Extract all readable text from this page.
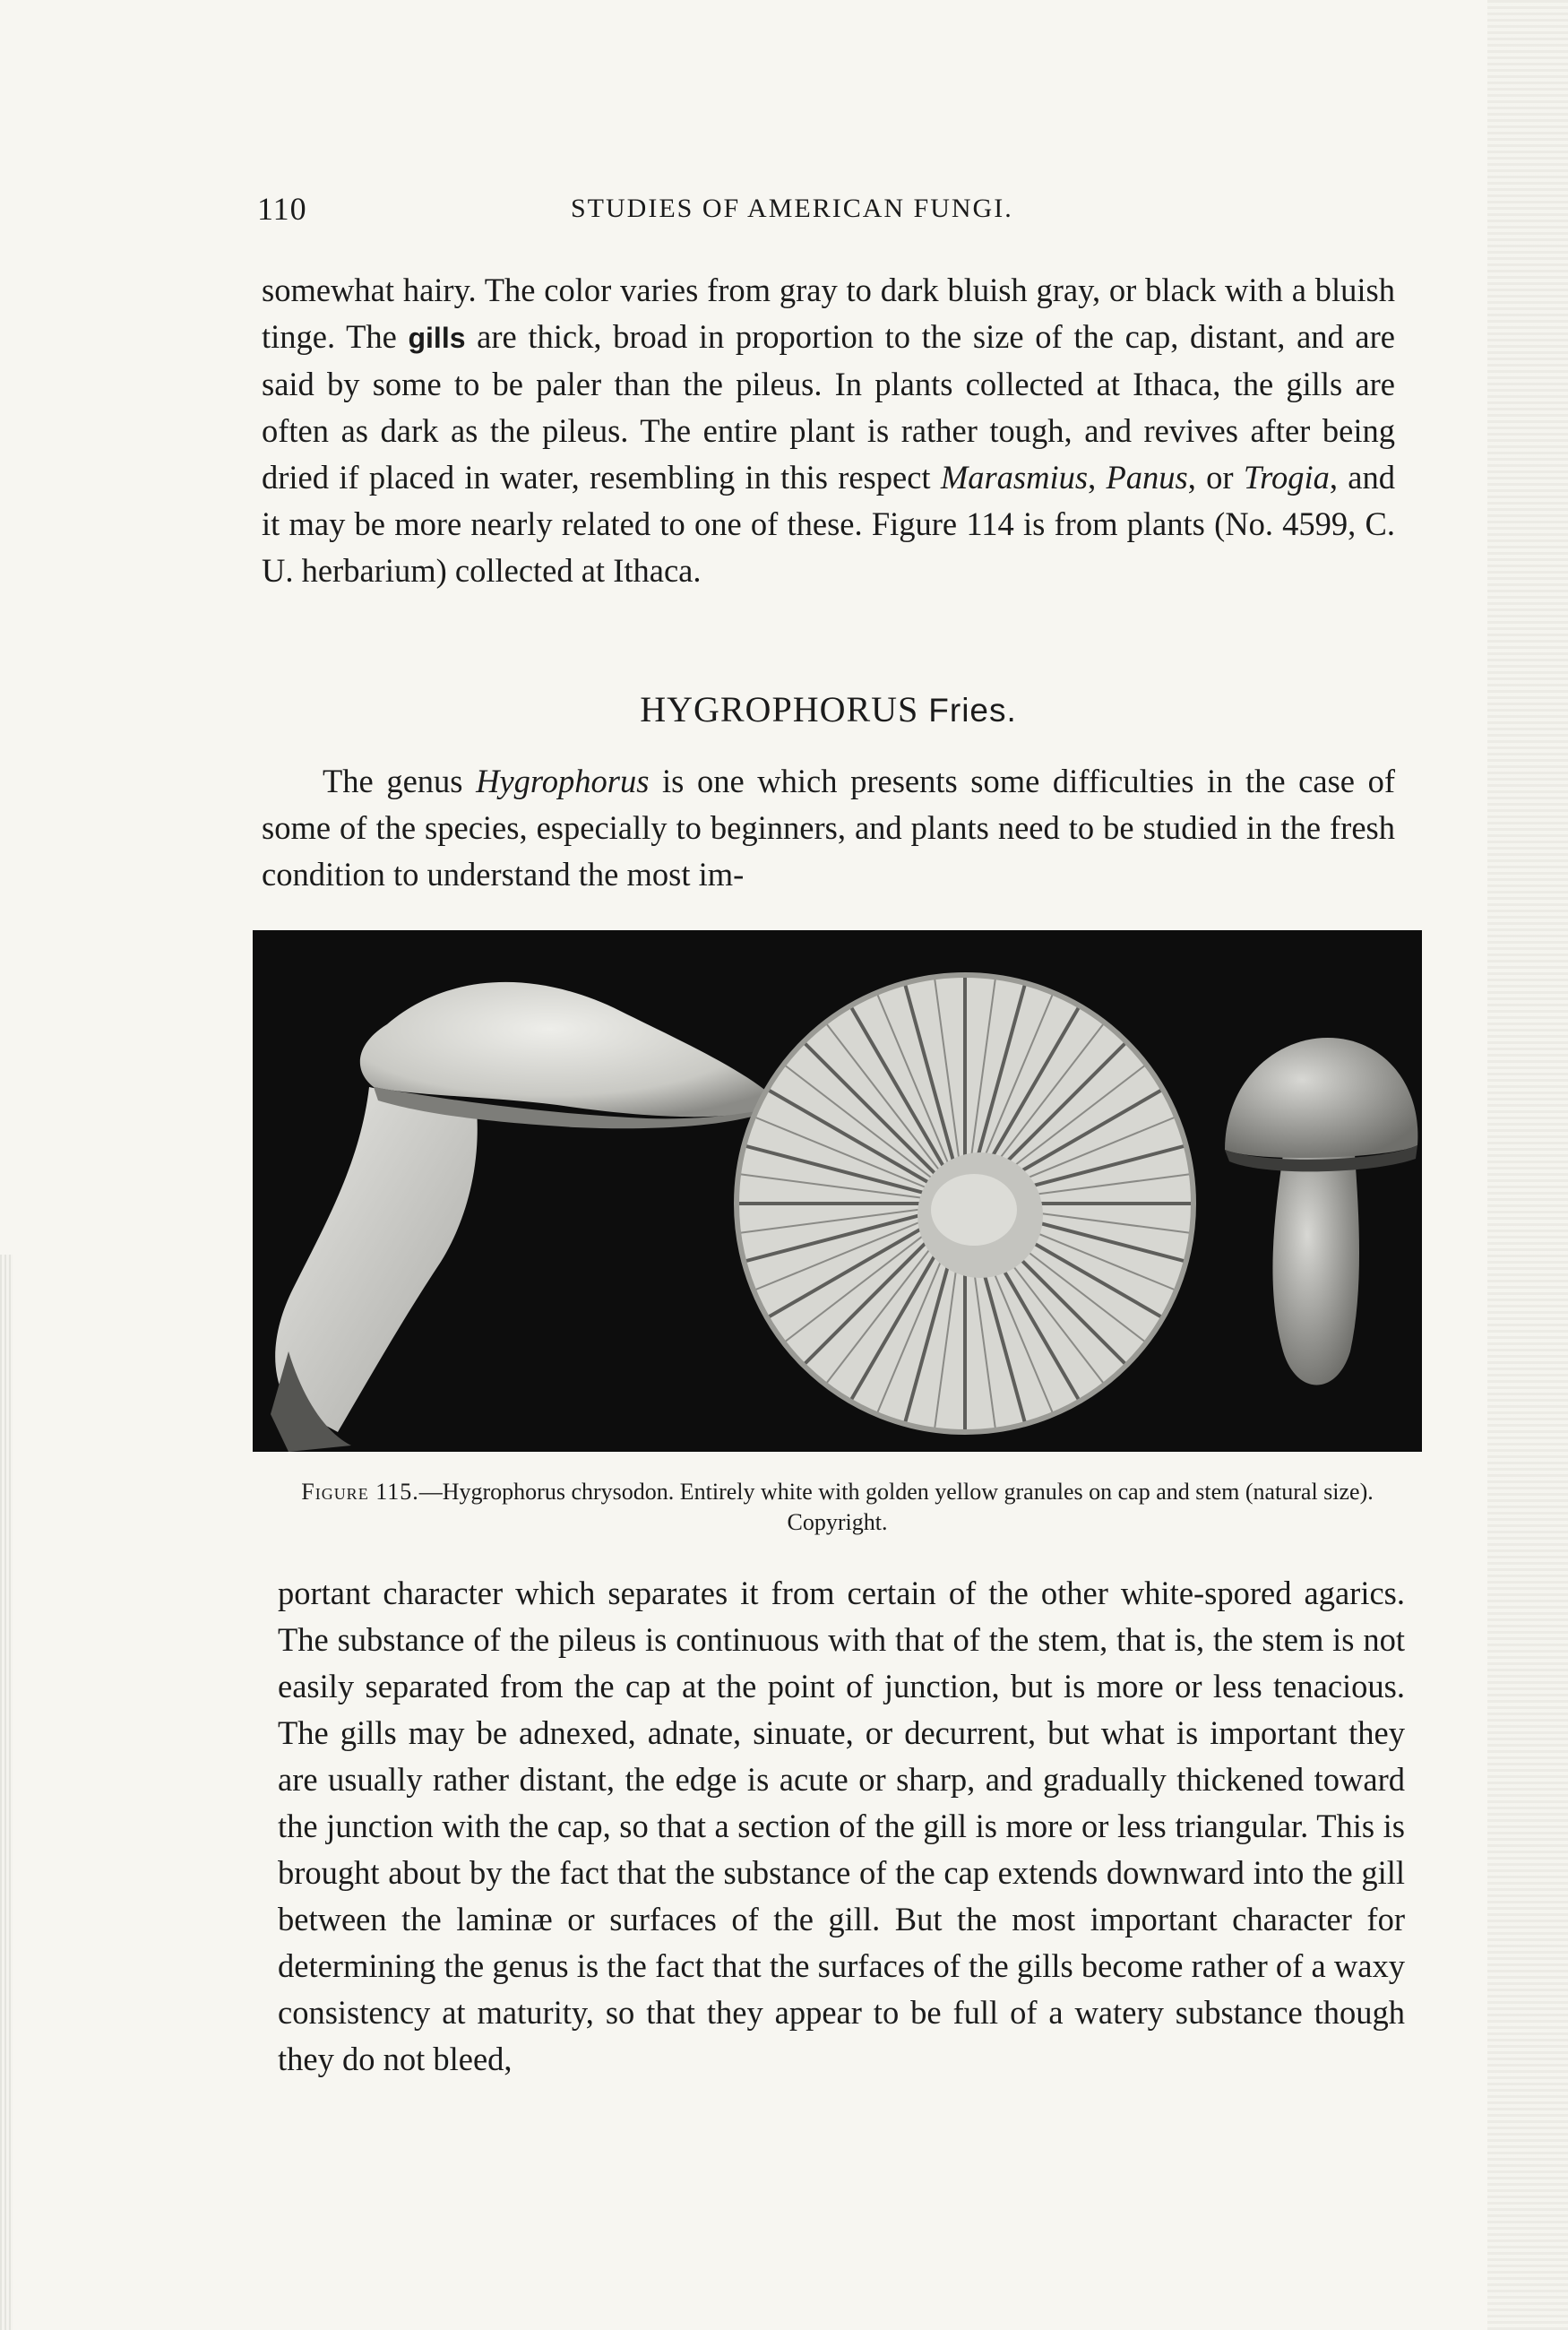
110	STUDIES OF AMERICAN FUNGI.

somewhat hairy. The color varies from gray to dark bluish gray, or black with a bluish tinge. The gills are thick, broad in proportion to the size of the cap, distant, and are said by some to be paler than the pileus. In plants collected at Ithaca, the gills are often as dark as the pileus. The entire plant is rather tough, and revives after being dried if placed in water, resembling in this respect Marasmius, Panus, or Trogia, and it may be more nearly related to one of these. Figure 114 is from plants (No. 4599, C. U. herbarium) collected at Ithaca.

HYGROPHORUS Fries.

The genus Hygrophorus is one which presents some difficulties in the case of some of the species, especially to beginners, and plants need to be studied in the fresh condition to understand the most im-

Figure 115.—Hygrophorus chrysodon. Entirely white with golden yellow granules on cap and stem (natural size). Copyright.

portant character which separates it from certain of the other white-spored agarics. The substance of the pileus is continuous with that of the stem, that is, the stem is not easily separated from the cap at the point of junction, but is more or less tenacious. The gills may be adnexed, adnate, sinuate, or decurrent, but what is important they are usually rather distant, the edge is acute or sharp, and gradually thickened toward the junction with the cap, so that a section of the gill is more or less triangular. This is brought about by the fact that the substance of the cap extends downward into the gill between the laminæ or surfaces of the gill. But the most important character for determining the genus is the fact that the surfaces of the gills become rather of a waxy consistency at maturity, so that they appear to be full of a watery substance though they do not bleed,
